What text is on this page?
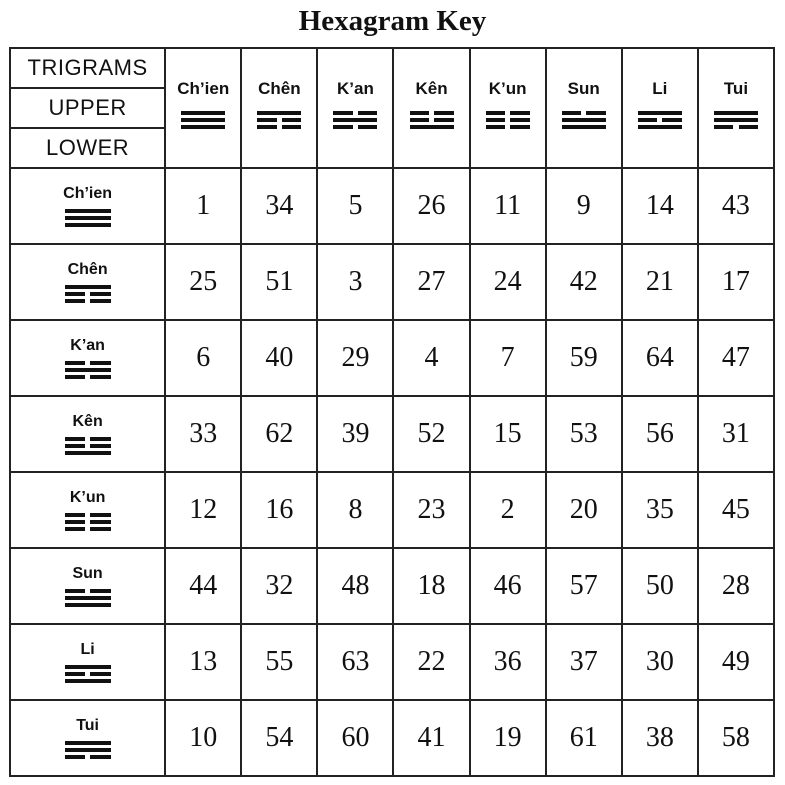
Hexagram Key
TRIGRAMS
UPPER
LOWER	Ch’ien	Chên	K’an	Kên	K’un	Sun	Li	Tui

Ch’ien	1	34	5	26	11	9	14	43

Chên	25	51	3	27	24	42	21	17

K’an	6	40	29	4	7	59	64	47

Kên	33	62	39	52	15	53	56	31

K’un	12	16	8	23	2	20	35	45

Sun	44	32	48	18	46	57	50	28

Li	13	55	63	22	36	37	30	49

Tui	10	54	60	41	19	61	38	58
